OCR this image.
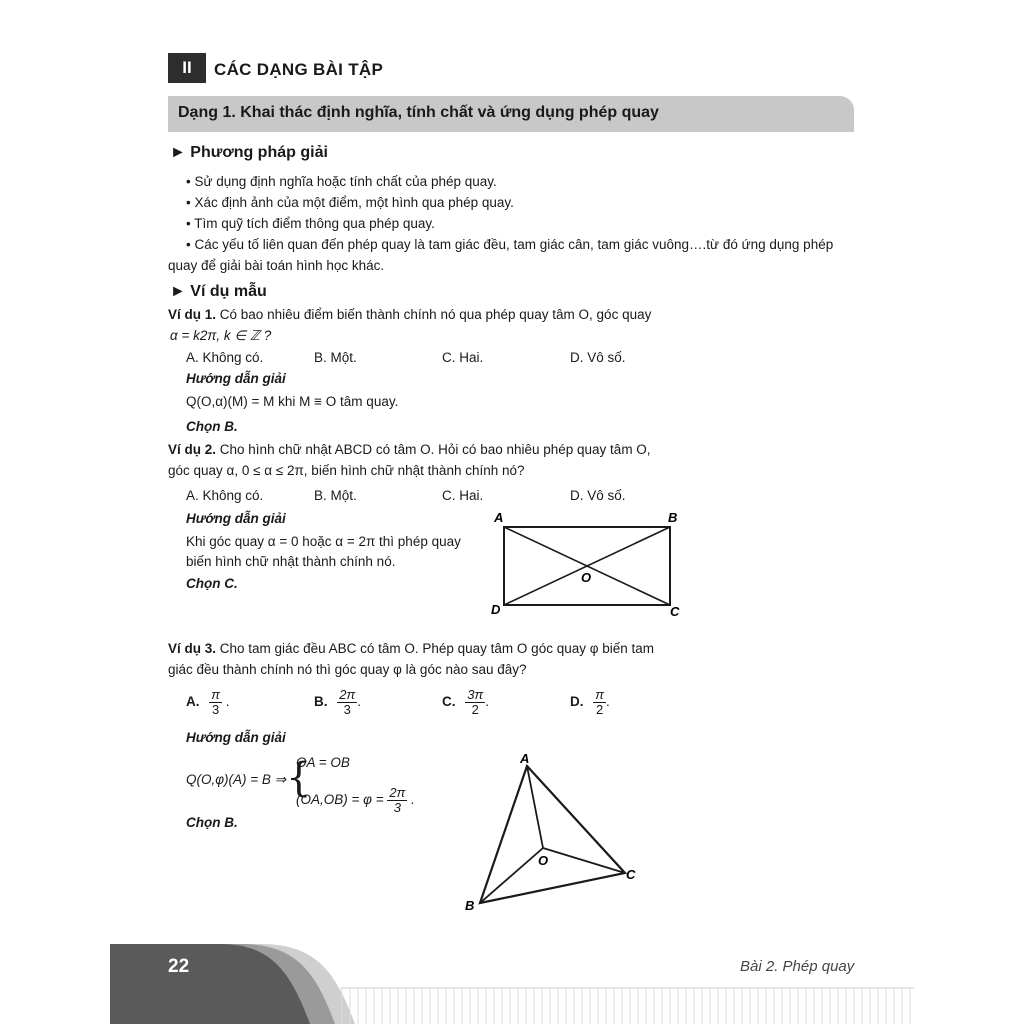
II	CÁC DẠNG BÀI TẬP
Dạng 1. Khai thác định nghĩa, tính chất và ứng dụng phép quay
► Phương pháp giải
• Sử dụng định nghĩa hoặc tính chất của phép quay.
• Xác định ảnh của một điểm, một hình qua phép quay.
• Tìm quỹ tích điểm thông qua phép quay.
• Các yếu tố liên quan đến phép quay là tam giác đều, tam giác cân, tam giác vuông….từ đó ứng dụng phép
quay để giải bài toán hình học khác.
► Ví dụ mẫu
Ví dụ 1. Có bao nhiêu điểm biến thành chính nó qua phép quay tâm O, góc quay
α = k2π, k ∈ ℤ ?
A. Không có.	B. Một.	C. Hai.	D. Vô số.
Hướng dẫn giải
Q(O,α)(M) = M khi M ≡ O tâm quay.
Chọn B.
Ví dụ 2. Cho hình chữ nhật ABCD có tâm O. Hỏi có bao nhiêu phép quay tâm O,
góc quay α, 0 ≤ α ≤ 2π, biến hình chữ nhật thành chính nó?
A. Không có.	B. Một.	C. Hai.	D. Vô số.
Hướng dẫn giải
Khi góc quay α = 0 hoặc α = 2π thì phép quay
biến hình chữ nhật thành chính nó.
Chọn C.
A	B
C
D
O
Ví dụ 3. Cho tam giác đều ABC có tâm O. Phép quay tâm O góc quay φ biến tam
giác đều thành chính nó thì góc quay φ là góc nào sau đây?
A. $\frac{\pi}{3}$ .	B. $\frac{2\pi}{3}$ .	C. $\frac{3\pi}{2}$ .	D. $\frac{\pi}{2}$ .
Hướng dẫn giải
Q(O,φ)(A) = B ⇒ {
OA = OB
$(OA,OB) = \varphi = \frac{2\pi}{3}$ .
Chọn B.
A
B
C
O
22	Bài 2. Phép quay
